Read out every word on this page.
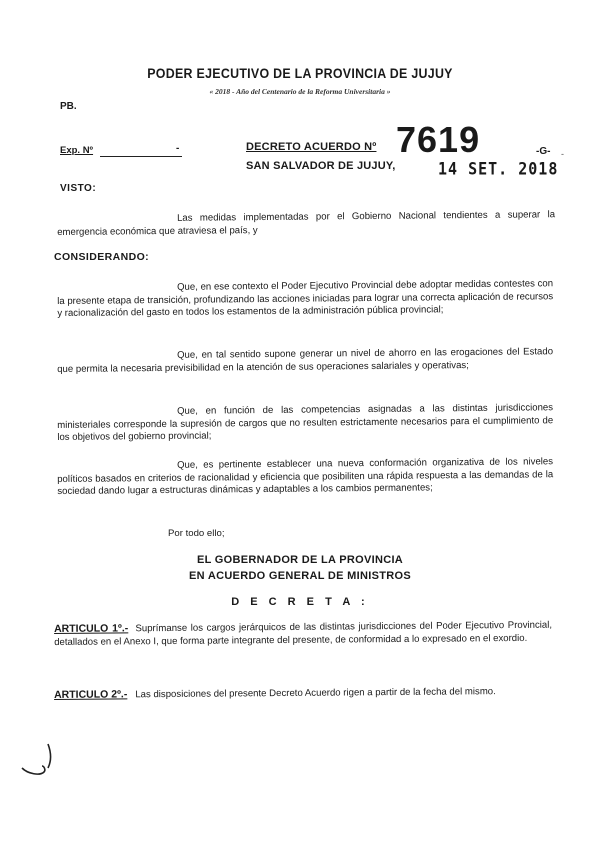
PODER EJECUTIVO DE LA PROVINCIA DE JUJUY
« 2018 - Año del Centenario de la Reforma Universitaria »
PB.
Exp. Nº	-	DECRETO ACUERDO Nº 7619	-G- -
SAN SALVADOR DE JUJUY,	14 SET. 2018
VISTO:
Las medidas implementadas por el Gobierno Nacional tendientes a superar la emergencia económica que atraviesa el país, y
CONSIDERANDO:
Que, en ese contexto el Poder Ejecutivo Provincial debe adoptar medidas contestes con la presente etapa de transición, profundizando las acciones iniciadas para lograr una correcta aplicación de recursos y racionalización del gasto en todos los estamentos de la administración pública provincial;
Que, en tal sentido supone generar un nivel de ahorro en las erogaciones del Estado que permita la necesaria previsibilidad en la atención de sus operaciones salariales y operativas;
Que, en función de las competencias asignadas a las distintas jurisdicciones ministeriales corresponde la supresión de cargos que no resulten estrictamente necesarios para el cumplimiento de los objetivos del gobierno provincial;
Que, es pertinente establecer una nueva conformación organizativa de los niveles políticos basados en criterios de racionalidad y eficiencia que posibiliten una rápida respuesta a las demandas de la sociedad dando lugar a estructuras dinámicas y adaptables a los cambios permanentes;
Por todo ello;
EL GOBERNADOR DE LA PROVINCIA
EN ACUERDO GENERAL DE MINISTROS
D E C R E T A :
ARTICULO 1º.- Suprímanse los cargos jerárquicos de las distintas jurisdicciones del Poder Ejecutivo Provincial, detallados en el Anexo I, que forma parte integrante del presente, de conformidad a lo expresado en el exordio.
ARTICULO 2º.- Las disposiciones del presente Decreto Acuerdo rigen a partir de la fecha del mismo.
